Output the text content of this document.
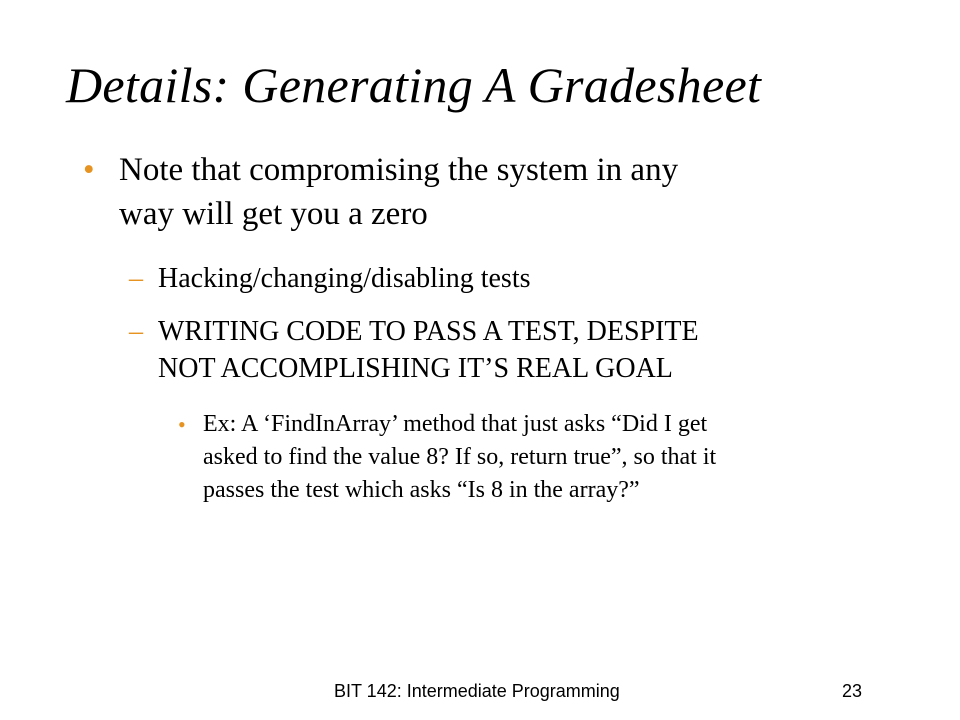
Details: Generating A Gradesheet
• Note that compromising the system in any
way will get you a zero
– Hacking/changing/disabling tests
– WRITING CODE TO PASS A TEST, DESPITE
NOT ACCOMPLISHING IT’S REAL GOAL
• Ex: A ‘FindInArray’ method that just asks “Did I get
asked to find the value 8? If so, return true”, so that it
passes the test which asks “Is 8 in the array?”
BIT 142: Intermediate Programming	23
